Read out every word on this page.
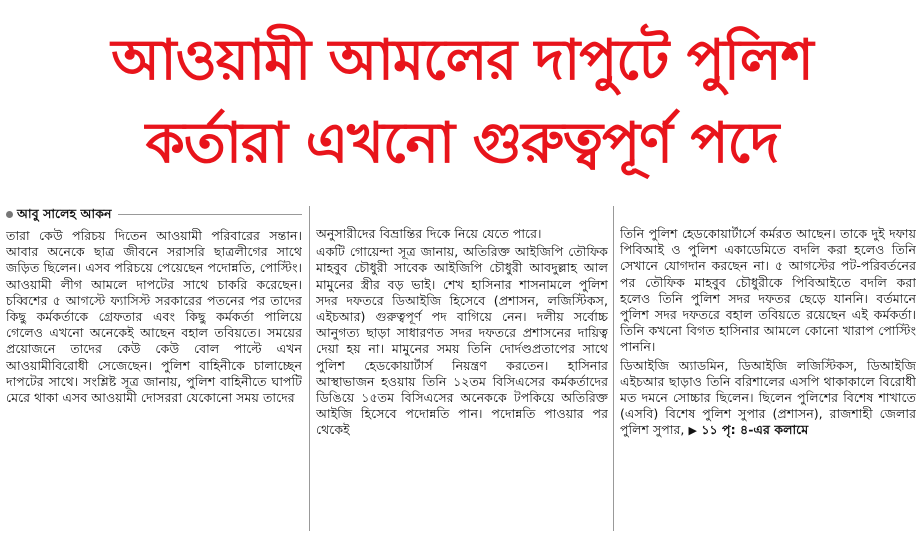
আওয়ামী আমলের দাপুটে পুলিশ
কর্তারা এখনো গুরুত্বপূর্ণ পদে
আবু সালেহ আকন

তারা কেউ পরিচয় দিতেন আওয়ামী পরিবারের সন্তান। আবার অনেকে ছাত্র জীবনে সরাসরি ছাত্রলীগের সাথে জড়িত ছিলেন। এসব পরিচয়ে পেয়েছেন পদোন্নতি, পোস্টিং। আওয়ামী লীগ আমলে দাপটের সাথে চাকরি করেছেন। চব্বিশের ৫ আগস্টে ফ্যাসিস্ট সরকারের পতনের পর তাদের কিছু কর্মকর্তাকে গ্রেফতার এবং কিছু কর্মকর্তা পালিয়ে গেলেও এখনো অনেকেই আছেন বহাল তবিয়তে। সময়ের প্রয়োজনে তাদের কেউ কেউ বোল পাল্টে এখন আওয়ামীবিরোধী সেজেছেন। পুলিশ বাহিনীকে চালাচ্ছেন দাপটের সাথে। সংশ্লিষ্ট সূত্র জানায়, পুলিশ বাহিনীতে ঘাপটি মেরে থাকা এসব আওয়ামী দোসররা যেকোনো সময় তাদের

অনুসারীদের বিভ্রান্তির দিকে নিয়ে যেতে পারে।

একটি গোয়েন্দা সূত্র জানায়, অতিরিক্ত আইজিপি তৌফিক মাহবুব চৌধুরী সাবেক আইজিপি চৌধুরী আবদুল্লাহ আল মামুনের স্ত্রীর বড় ভাই। শেখ হাসিনার শাসনামলে পুলিশ সদর দফতরে ডিআইজি হিসেবে (প্রশাসন, লজিস্টিকস, এইচআর) গুরুত্বপূর্ণ পদ বাগিয়ে নেন। দলীয় সর্বোচ্চ আনুগত্য ছাড়া সাধারণত সদর দফতরে প্রশাসনের দায়িত্ব দেয়া হয় না। মামুনের সময় তিনি দোর্দণ্ডপ্রতাপের সাথে পুলিশ হেডকোয়ার্টার্স নিয়ন্ত্রণ করতেন। হাসিনার আস্থাভাজন হওয়ায় তিনি ১২তম বিসিএসের কর্মকর্তাদের ডিঙিয়ে ১৫তম বিসিএসের অনেককে টপকিয়ে অতিরিক্ত আইজি হিসেবে পদোন্নতি পান। পদোন্নতি পাওয়ার পর থেকেই

তিনি পুলিশ হেডকোয়ার্টার্সে কর্মরত আছেন। তাকে দুই দফায় পিবিআই ও পুলিশ একাডেমিতে বদলি করা হলেও তিনি সেখানে যোগদান করছেন না। ৫ আগস্টের পট-পরিবর্তনের পর তৌফিক মাহবুব চৌধুরীকে পিবিআইতে বদলি করা হলেও তিনি পুলিশ সদর দফতর ছেড়ে যাননি। বর্তমানে পুলিশ সদর দফতরে বহাল তবিয়তে রয়েছেন এই কর্মকর্তা। তিনি কখনো বিগত হাসিনার আমলে কোনো খারাপ পোস্টিং পাননি।

ডিআইজি অ্যাডমিন, ডিআইজি লজিস্টিকস, ডিআইজি এইচআর ছাড়াও তিনি বরিশালের এসপি থাকাকালে বিরোধী মত দমনে সোচ্চার ছিলেন। ছিলেন পুলিশের বিশেষ শাখাতে (এসবি) বিশেষ পুলিশ সুপার (প্রশাসন), রাজশাহী জেলার পুলিশ সুপার, ▶ ১১ পৃ: ৪-এর কলামে
